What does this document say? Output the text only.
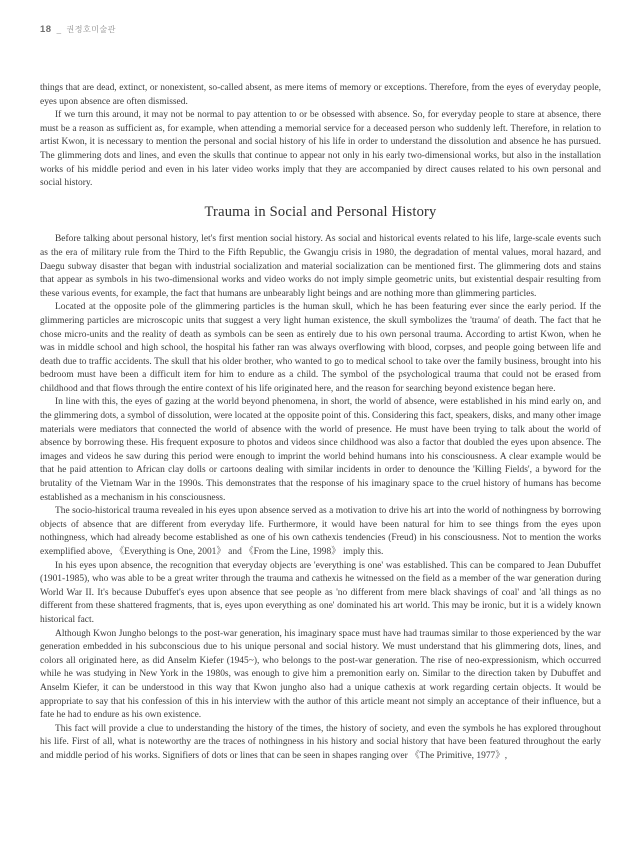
18 _ 권정호미술관

things that are dead, extinct, or nonexistent, so-called absent, as mere items of memory or exceptions. Therefore, from the eyes of everyday people, eyes upon absence are often dismissed.

If we turn this around, it may not be normal to pay attention to or be obsessed with absence. So, for everyday people to stare at absence, there must be a reason as sufficient as, for example, when attending a memorial service for a deceased person who suddenly left. Therefore, in relation to artist Kwon, it is necessary to mention the personal and social history of his life in order to understand the dissolution and absence he has pursued. The glimmering dots and lines, and even the skulls that continue to appear not only in his early two-dimensional works, but also in the installation works of his middle period and even in his later video works imply that they are accompanied by direct causes related to his own personal and social history.

Trauma in Social and Personal History

Before talking about personal history, let's first mention social history. As social and historical events related to his life, large-scale events such as the era of military rule from the Third to the Fifth Republic, the Gwangju crisis in 1980, the degradation of mental values, moral hazard, and Daegu subway disaster that began with industrial socialization and material socialization can be mentioned first. The glimmering dots and stains that appear as symbols in his two-dimensional works and video works do not imply simple geometric units, but existential despair resulting from these various events, for example, the fact that humans are unbearably light beings and are nothing more than glimmering particles.

Located at the opposite pole of the glimmering particles is the human skull, which he has been featuring ever since the early period. If the glimmering particles are microscopic units that suggest a very light human existence, the skull symbolizes the 'trauma' of death. The fact that he chose micro-units and the reality of death as symbols can be seen as entirely due to his own personal trauma. According to artist Kwon, when he was in middle school and high school, the hospital his father ran was always overflowing with blood, corpses, and people going between life and death due to traffic accidents. The skull that his older brother, who wanted to go to medical school to take over the family business, brought into his bedroom must have been a difficult item for him to endure as a child. The symbol of the psychological trauma that could not be erased from childhood and that flows through the entire context of his life originated here, and the reason for searching beyond existence began here.

In line with this, the eyes of gazing at the world beyond phenomena, in short, the world of absence, were established in his mind early on, and the glimmering dots, a symbol of dissolution, were located at the opposite point of this. Considering this fact, speakers, disks, and many other image materials were mediators that connected the world of absence with the world of presence. He must have been trying to talk about the world of absence by borrowing these. His frequent exposure to photos and videos since childhood was also a factor that doubled the eyes upon absence. The images and videos he saw during this period were enough to imprint the world behind humans into his consciousness. A clear example would be that he paid attention to African clay dolls or cartoons dealing with similar incidents in order to denounce the 'Killing Fields', a byword for the brutality of the Vietnam War in the 1990s. This demonstrates that the response of his imaginary space to the cruel history of humans has become established as a mechanism in his consciousness.

The socio-historical trauma revealed in his eyes upon absence served as a motivation to drive his art into the world of nothingness by borrowing objects of absence that are different from everyday life. Furthermore, it would have been natural for him to see things from the eyes upon nothingness, which had already become established as one of his own cathexis tendencies (Freud) in his consciousness. Not to mention the works exemplified above, 《Everything is One, 2001》 and 《From the Line, 1998》 imply this.

In his eyes upon absence, the recognition that everyday objects are 'everything is one' was established. This can be compared to Jean Dubuffet (1901-1985), who was able to be a great writer through the trauma and cathexis he witnessed on the field as a member of the war generation during World War II. It's because Dubuffet's eyes upon absence that see people as 'no different from mere black shavings of coal' and 'all things as no different from these shattered fragments, that is, eyes upon everything as one' dominated his art world. This may be ironic, but it is a widely known historical fact.

Although Kwon Jungho belongs to the post-war generation, his imaginary space must have had traumas similar to those experienced by the war generation embedded in his subconscious due to his unique personal and social history. We must understand that his glimmering dots, lines, and colors all originated here, as did Anselm Kiefer (1945~), who belongs to the post-war generation. The rise of neo-expressionism, which occurred while he was studying in New York in the 1980s, was enough to give him a premonition early on. Similar to the direction taken by Dubuffet and Anselm Kiefer, it can be understood in this way that Kwon jungho also had a unique cathexis at work regarding certain objects. It would be appropriate to say that his confession of this in his interview with the author of this article meant not simply an acceptance of their influence, but a fate he had to endure as his own existence.

This fact will provide a clue to understanding the history of the times, the history of society, and even the symbols he has explored throughout his life. First of all, what is noteworthy are the traces of nothingness in his history and social history that have been featured throughout the early and middle period of his works. Signifiers of dots or lines that can be seen in shapes ranging over 《The Primitive, 1977》,
